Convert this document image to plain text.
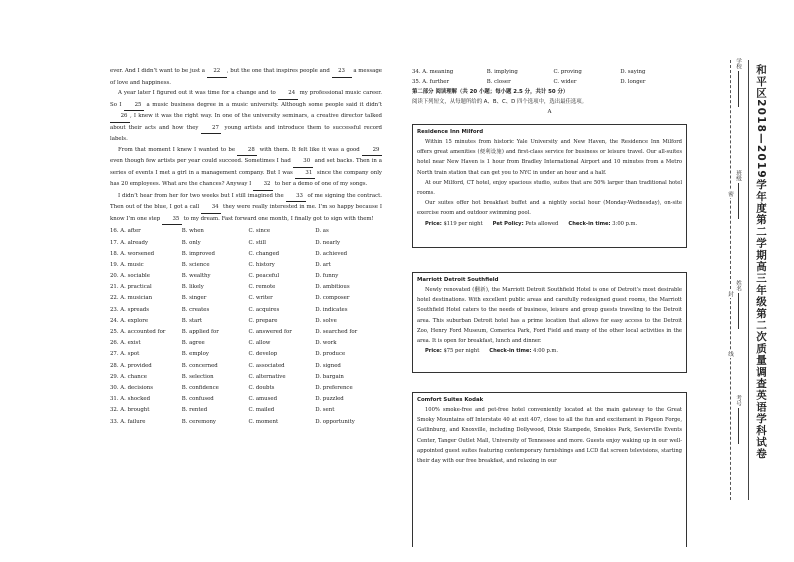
ever. And I didn’t want to be just a 22 , but the one that inspires people and 23 a message of love and happiness.

A year later I figured out it was time for a change and to 24 my professional music career. So I 25 a music business degree in a music university. Although some people said it didn’t 26 , I knew it was the right way. In one of the university seminars, a creative director talked about their acts and how they 27 young artists and introduce them to successful record labels.

From that moment I knew I wanted to be 28 with them. It felt like it was a good 29 even though few artists per year could succeed. Sometimes I had 30 and set backs. Then in a series of events I met a girl in a management company. But I was 31 since the company only has 20 employees. What are the chances? Anyway I 32 to her a demo of one of my songs.

I didn’t hear from her for two weeks but I still imagined the 33 of me signing the contract. Then out of the blue, I got a call 34 they were really interested in me. I’m so happy because I know I’m one step 35 to my dream. Fast forward one month, I finally got to sign with them!

16. A. after	B. when	C. since	D. as
17. A. already	B. only	C. still	D. nearly
18. A. worsened	B. improved	C. changed	D. achieved
19. A. music	B. science	C. history	D. art
20. A. sociable	B. wealthy	C. peaceful	D. funny
21. A. practical	B. likely	C. remote	D. ambitious
22. A. musician	B. singer	C. writer	D. composer
23. A. spreads	B. creates	C. acquires	D. indicates
24. A. explore	B. start	C. prepare	D. solve
25. A. accounted for	B. applied for	C. answered for	D. searched for
26. A. exist	B. agree	C. allow	D. work
27. A. spot	B. employ	C. develop	D. produce
28. A. provided	B. concerned	C. associated	D. signed
29. A. chance	B. selection	C. alternative	D. bargain
30. A. decisions	B. confidence	C. doubts	D. preference
31. A. shocked	B. confused	C. amused	D. puzzled
32. A. brought	B. rented	C. mailed	D. sent
33. A. failure	B. ceremony	C. moment	D. opportunity
34. A. meaning	B. implying	C. proving	D. saying
35. A. further	B. closer	C. wider	D. longer
第二部分 阅读理解（共 20 小题；每小题 2.5 分，共计 50 分）
阅读下列短文，从每题所给的 A、B、C、D 四个选项中，选出最佳选项。
A
Residence Inn Milford
Within 15 minutes from historic Yale University and New Haven, the Residence Inn Milford offers great amenities (便利设施) and first-class service for business or leisure travel. Our all-suites hotel near New Haven is 1 hour from Bradley International Airport and 10 minutes from a Metro North train station that can get you to NYC in under an hour and a half.
At our Milford, CT hotel, enjoy spacious studio, suites that are 50% larger than traditional hotel rooms.
Our suites offer hot breakfast buffet and a nightly social hour (Monday-Wednesday), on-site exercise room and outdoor swimming pool.
Price: $119 per night Pet Policy: Pets allowed Check-in time: 3:00 p.m.
Marriott Detroit Southfield
Newly renovated (翻新), the Marriott Detroit Southfield Hotel is one of Detroit’s most desirable hotel destinations. With excellent public areas and carefully redesigned guest rooms, the Marriott Southfield Hotel caters to the needs of business, leisure and group guests traveling to the Detroit area. This suburban Detroit hotel has a prime location that allows for easy access to the Detroit Zoo, Henry Ford Museum, Comerica Park, Ford Field and many of the other local activities in the area. It is open for breakfast, lunch and dinner.
Price: $75 per night Check-in time: 4:00 p.m.
Comfort Suites Kodak
100% smoke-free and pet-free hotel conveniently located at the main gateway to the Great Smoky Mountains off Interstate 40 at exit 407, close to all the fun and excitement in Pigeon Forge, Gatlinburg, and Knoxville, including Dollywood, Dixie Stampede, Smokies Park, Sevierville Events Center, Tanger Outlet Mall, University of Tennessee and more. Guests enjoy waking up in our well-appointed guest suites featuring contemporary furnishings and LCD flat screen televisions, starting their day with our free breakfast, and relaxing in our
和平区2018—2019学年度第二学期高三年级第二次质量调查英语学科试卷
学校
班级
姓名
考号
密
封
线
